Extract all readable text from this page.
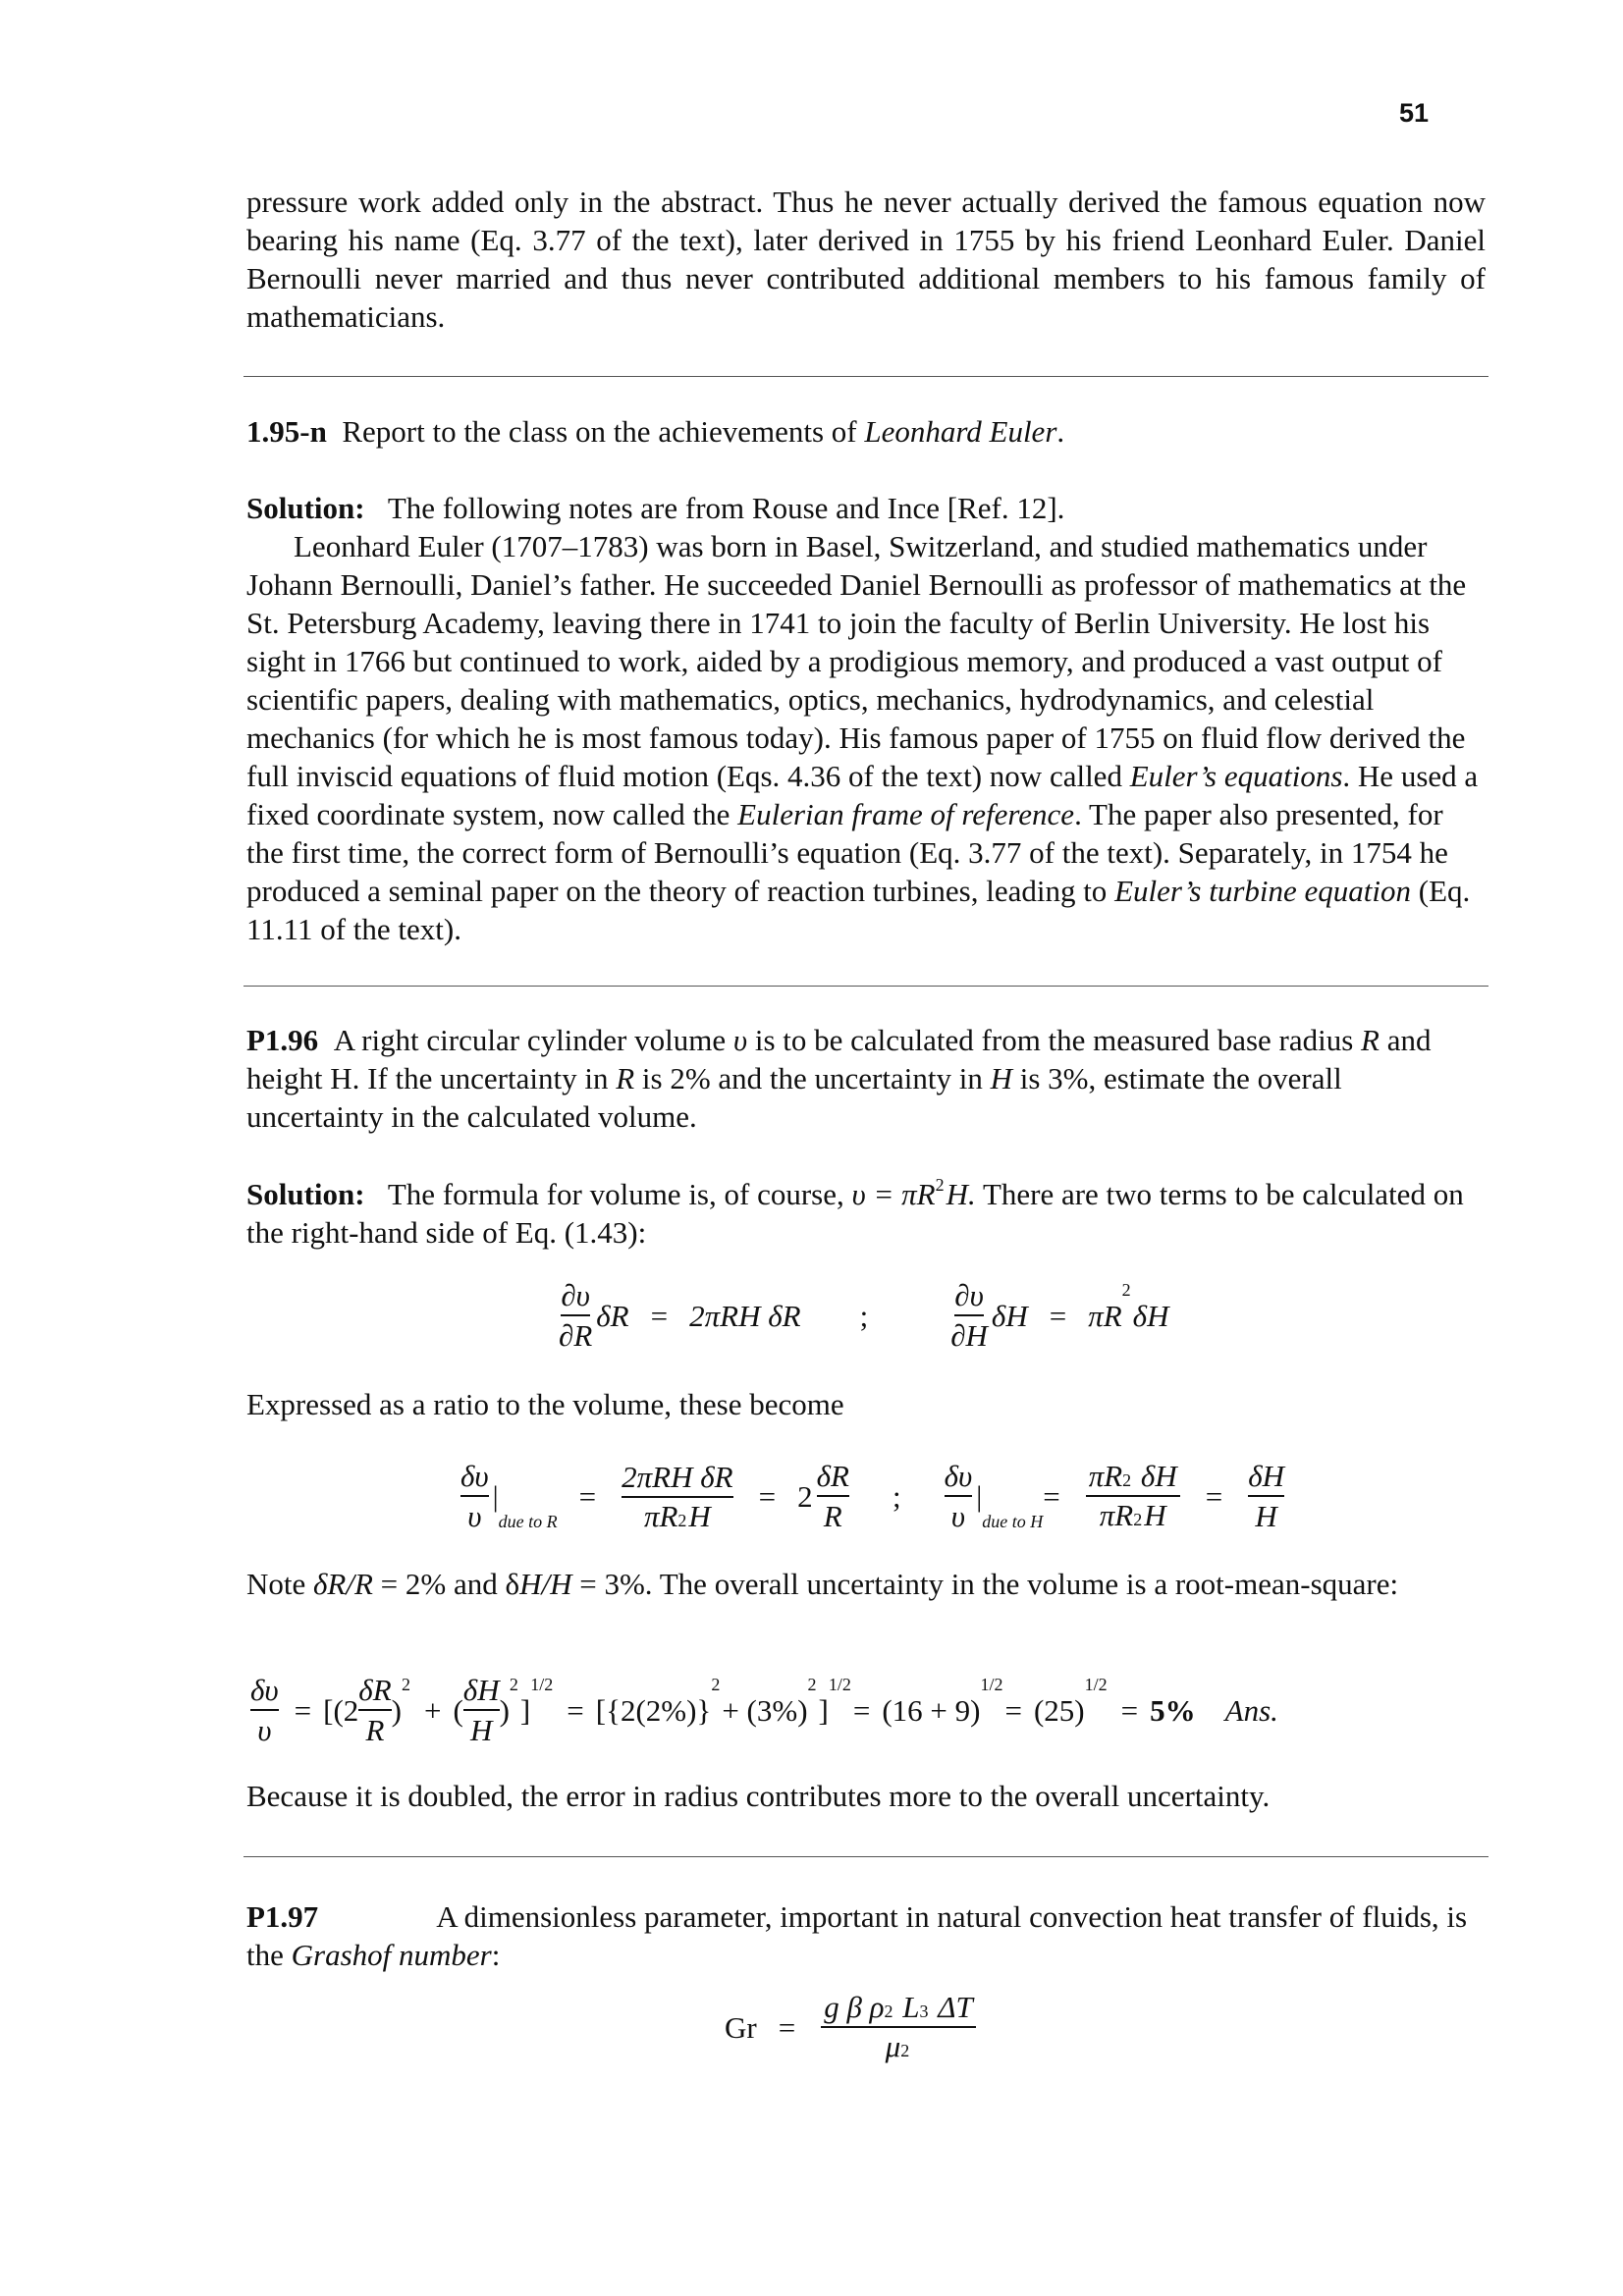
51
pressure work added only in the abstract. Thus he never actually derived the famous equation now bearing his name (Eq. 3.77 of the text), later derived in 1755 by his friend Leonhard Euler. Daniel Bernoulli never married and thus never contributed additional members to his famous family of mathematicians.
1.95-n Report to the class on the achievements of Leonhard Euler.
Solution: The following notes are from Rouse and Ince [Ref. 12].
Leonhard Euler (1707–1783) was born in Basel, Switzerland, and studied mathematics under Johann Bernoulli, Daniel’s father. He succeeded Daniel Bernoulli as professor of mathematics at the St. Petersburg Academy, leaving there in 1741 to join the faculty of Berlin University. He lost his sight in 1766 but continued to work, aided by a prodigious memory, and produced a vast output of scientific papers, dealing with mathematics, optics, mechanics, hydrodynamics, and celestial mechanics (for which he is most famous today). His famous paper of 1755 on fluid flow derived the full inviscid equations of fluid motion (Eqs. 4.36 of the text) now called Euler’s equations. He used a fixed coordinate system, now called the Eulerian frame of reference. The paper also presented, for the first time, the correct form of Bernoulli’s equation (Eq. 3.77 of the text). Separately, in 1754 he produced a seminal paper on the theory of reaction turbines, leading to Euler’s turbine equation (Eq. 11.11 of the text).
P1.96 A right circular cylinder volume υ is to be calculated from the measured base radius R and height H. If the uncertainty in R is 2% and the uncertainty in H is 3%, estimate the overall uncertainty in the calculated volume.
Solution: The formula for volume is, of course, $\upsilon = \pi R^2H$. There are two terms to be calculated on the right-hand side of Eq. (1.43):
$\frac{\partial\upsilon}{\partial R}$ δR = 2πRH δR ;	$\frac{\partial\upsilon}{\partial H}$ δH = πR
$^2$
δH
Expressed as a ratio to the volume, these become
$\frac{\delta\upsilon}{\upsilon}$ |
due to R
= $\frac{\text{2πRH δR}}{\pi R2H} = 2 \frac{\delta R}{R}$ ; $\frac{\delta\upsilon}{\upsilon}$ |
due to H
= $\frac{\pi R2 \delta H}{\pi R2H} = \frac{\delta H}{H}$
Note δR/R = 2% and δH/H = 3%. The overall uncertainty in the volume is a root-mean-square:
$\frac{\delta\upsilon}{\upsilon} = [(2 \frac{\delta R}{R}$ )
$^2$
+ ( $\frac{\delta H}{H}$ )
$^2$
]
$^{1/2}$
= [{2(2%)}
$^2$
+ (3%)
$^2$
]
$^{1/2}$
= (16 + 9)
$^{1/2}$
= (25)
$^{1/2}$
= 5% Ans.
Because it is doubled, the error in radius contributes more to the overall uncertainty.
P1.97	A dimensionless parameter, important in natural convection heat transfer of fluids, is the Grashof number:
$Gr = \frac{\text{g β ρ2 L3 ΔT}}{\mu 2}$
